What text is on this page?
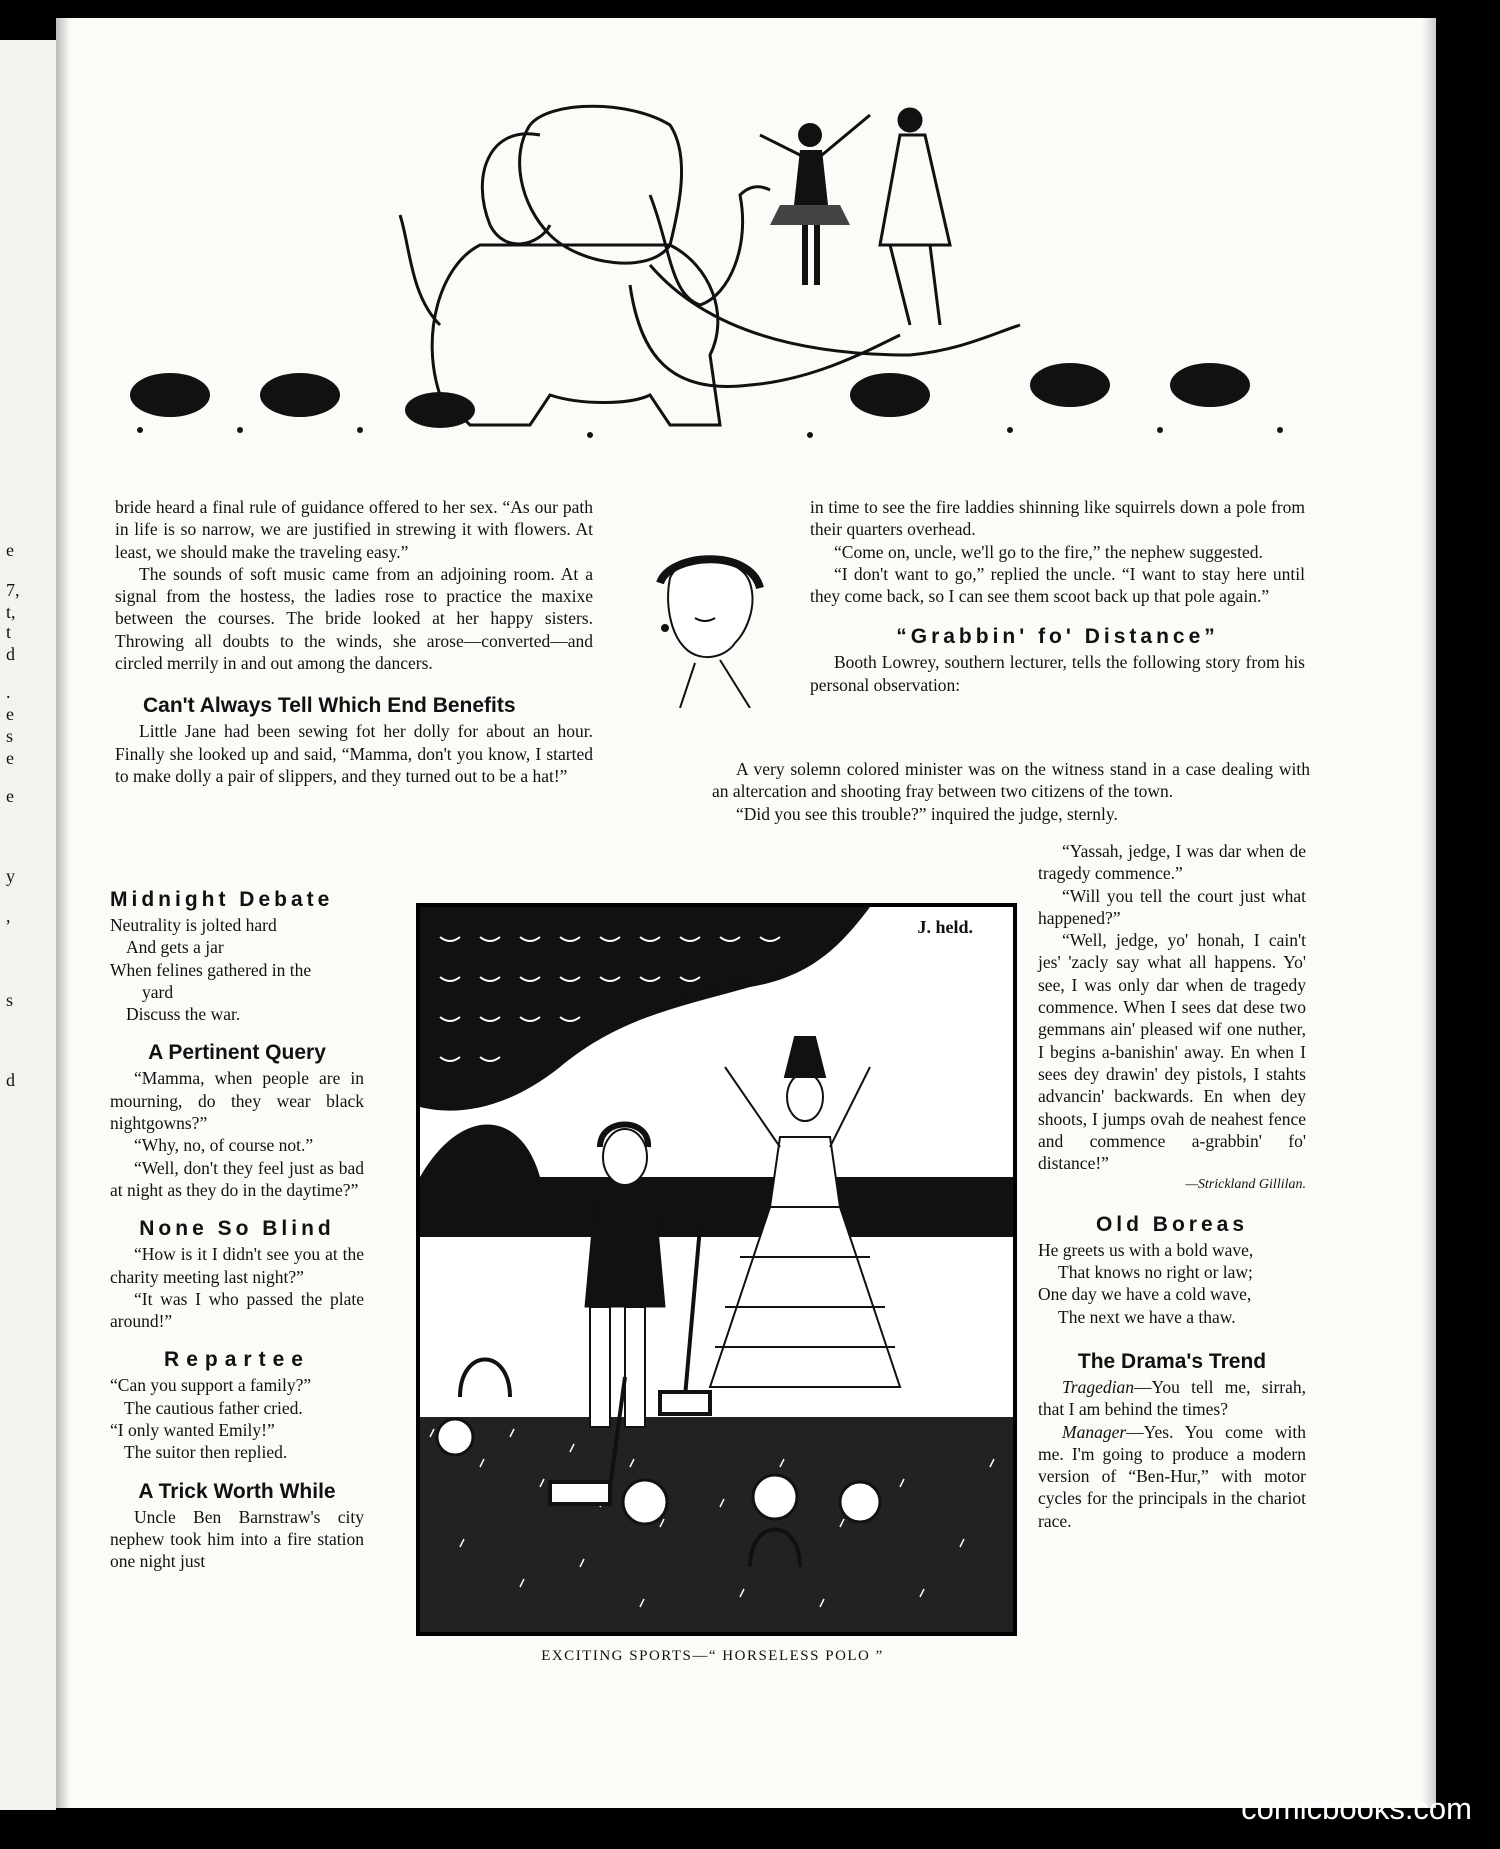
e
7,
t,
t
d
.
e
s
e
e
y
,
s
d

bride heard a final rule of guidance offered to her sex. “As our path in life is so narrow, we are justified in strewing it with flowers. At least, we should make the traveling easy.”

The sounds of soft music came from an adjoining room. At a signal from the hostess, the ladies rose to practice the maxixe between the courses. The bride looked at her happy sisters. Throwing all doubts to the winds, she arose—converted—and circled merrily in and out among the dancers.

Can't Always Tell Which End Benefits

Little Jane had been sewing fot her dolly for about an hour. Finally she looked up and said, “Mamma, don't you know, I started to make dolly a pair of slippers, and they turned out to be a hat!”

in time to see the fire laddies shinning like squirrels down a pole from their quarters overhead.

“Come on, uncle, we'll go to the fire,” the nephew suggested.

“I don't want to go,” replied the uncle. “I want to stay here until they come back, so I can see them scoot back up that pole again.”

“Grabbin' fo' Distance”

Booth Lowrey, southern lecturer, tells the following story from his personal observation:

A very solemn colored minister was on the witness stand in a case dealing with an altercation and shooting fray between two citizens of the town.

“Did you see this trouble?” inquired the judge, sternly.

Midnight Debate

Neutrality is jolted hard

And gets a jar

When felines gathered in the

yard

Discuss the war.

A Pertinent Query

“Mamma, when people are in mourning, do they wear black nightgowns?”

“Why, no, of course not.”

“Well, don't they feel just as bad at night as they do in the daytime?”

None So Blind

“How is it I didn't see you at the charity meeting last night?”

“It was I who passed the plate around!”

Repartee

“Can you support a family?”

The cautious father cried.

“I only wanted Emily!”

The suitor then replied.

A Trick Worth While

Uncle Ben Barnstraw's city nephew took him into a fire station one night just

J. held.
EXCITING SPORTS—“ HORSELESS POLO ”

“Yassah, jedge, I was dar when de tragedy commence.”

“Will you tell the court just what happened?”

“Well, jedge, yo' honah, I cain't jes' 'zacly say what all happens. Yo' see, I was only dar when de tragedy commence. When I sees dat dese two gemmans ain' pleased wif one nuther, I begins a-banishin' away. En when I sees dey drawin' dey pistols, I stahts advancin' backwards. En when dey shoots, I jumps ovah de neahest fence and commence a-grabbin' fo' distance!”

—Strickland Gillilan.

Old Boreas

He greets us with a bold wave,

That knows no right or law;

One day we have a cold wave,

The next we have a thaw.

The Drama's Trend

Tragedian—You tell me, sirrah, that I am behind the times?

Manager—Yes. You come with me. I'm going to produce a modern version of “Ben-Hur,” with motor cycles for the principals in the chariot race.

comicbooks.com
